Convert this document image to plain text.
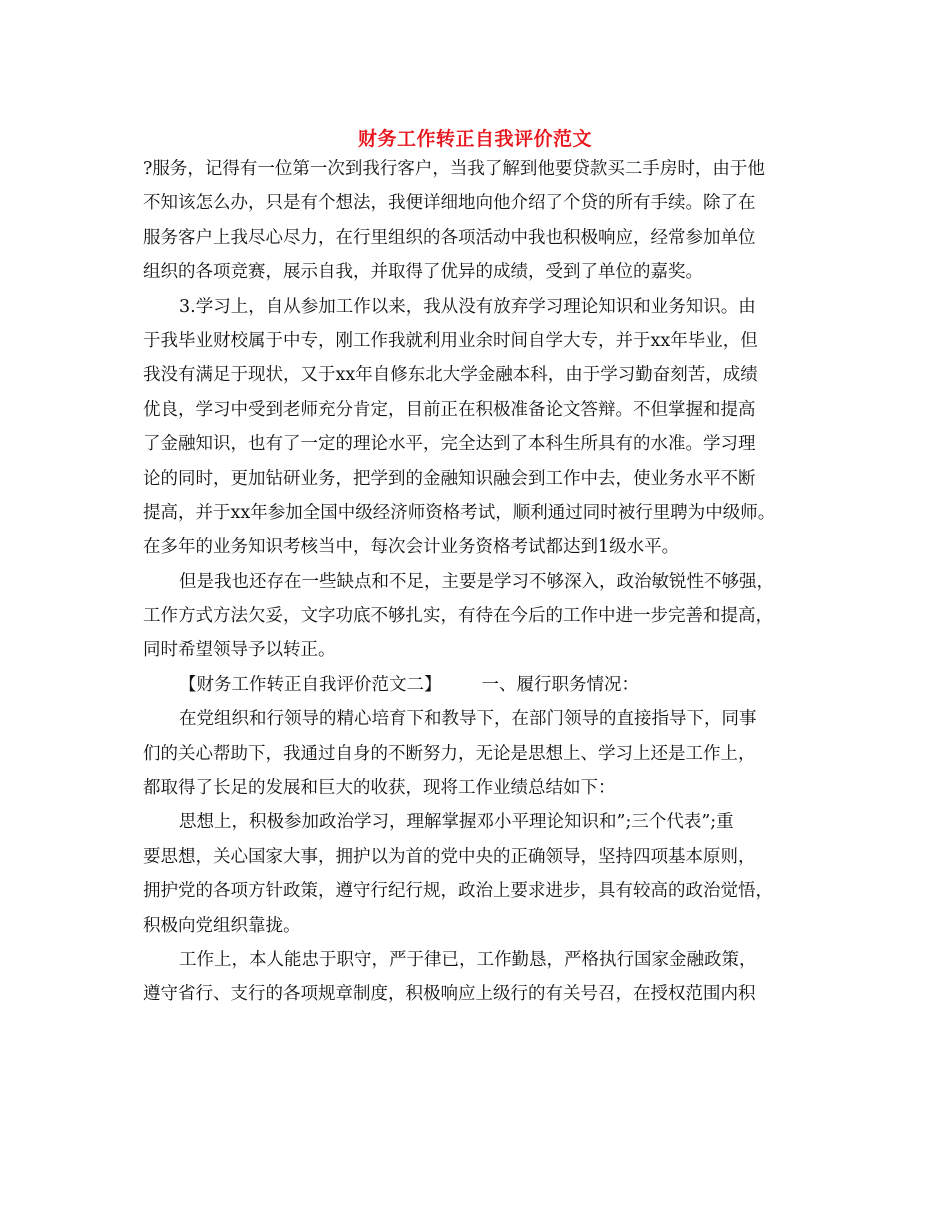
财务工作转正自我评价范文
?服务，记得有一位第一次到我行客户，当我了解到他要贷款买二手房时，由于他
不知该怎么办，只是有个想法，我便详细地向他介绍了个贷的所有手续。除了在
服务客户上我尽心尽力，在行里组织的各项活动中我也积极响应，经常参加单位
组织的各项竞赛，展示自我，并取得了优异的成绩，受到了单位的嘉奖。
3.学习上，自从参加工作以来，我从没有放弃学习理论知识和业务知识。由
于我毕业财校属于中专，刚工作我就利用业余时间自学大专，并于xx年毕业，但
我没有满足于现状，又于xx年自修东北大学金融本科，由于学习勤奋刻苦，成绩
优良，学习中受到老师充分肯定，目前正在积极准备论文答辩。不但掌握和提高
了金融知识，也有了一定的理论水平，完全达到了本科生所具有的水准。学习理
论的同时，更加钻研业务，把学到的金融知识融会到工作中去，使业务水平不断
提高，并于xx年参加全国中级经济师资格考试，顺利通过同时被行里聘为中级师。
在多年的业务知识考核当中，每次会计业务资格考试都达到1级水平。
但是我也还存在一些缺点和不足，主要是学习不够深入，政治敏锐性不够强，
工作方式方法欠妥，文字功底不够扎实，有待在今后的工作中进一步完善和提高，
同时希望领导予以转正。
【财务工作转正自我评价范文二】 一、履行职务情况：
在党组织和行领导的精心培育下和教导下，在部门领导的直接指导下，同事
们的关心帮助下，我通过自身的不断努力，无论是思想上、学习上还是工作上，
都取得了长足的发展和巨大的收获，现将工作业绩总结如下：
思想上，积极参加政治学习，理解掌握邓小平理论知识和”;三个代表”;重
要思想，关心国家大事，拥护以为首的党中央的正确领导，坚持四项基本原则，
拥护党的各项方针政策，遵守行纪行规，政治上要求进步，具有较高的政治觉悟，
积极向党组织靠拢。
工作上，本人能忠于职守，严于律已，工作勤恳，严格执行国家金融政策，
遵守省行、支行的各项规章制度，积极响应上级行的有关号召，在授权范围内积
